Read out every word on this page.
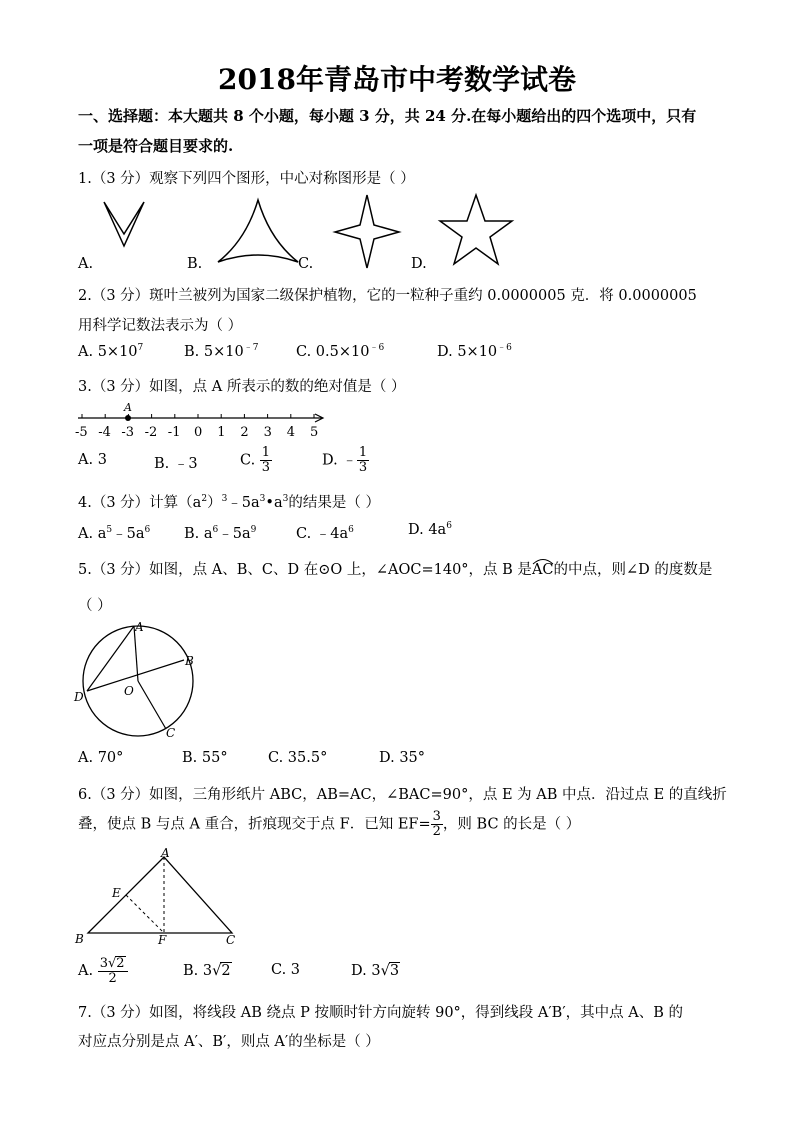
2018年青岛市中考数学试卷
一、选择题：本大题共 8 个小题，每小题 3 分，共 24 分.在每小题给出的四个选项中，只有
一项是符合题目要求的.
1.（3 分）观察下列四个图形，中心对称图形是（ ）
A.	B.	C.	D.
2.（3 分）斑叶兰被列为国家二级保护植物，它的一粒种子重约 0.0000005 克．将 0.0000005
用科学记数法表示为（ ）
A. $5\times 10^7$	B. $5\times 10^{﹣7}$	C. $0.5\times 10^{﹣6}$	D. $5\times 10^{﹣6}$
3.（3 分）如图，点 A 所表示的数的绝对值是（ ）
-5 -4 -3 -2 -1 0 1 2 3 4 5
A
A. 3	B. ﹣3	C. $\frac{1}{3}$	D. ﹣ $\frac{1}{3}$
4.（3 分）计算$(a^2)^3﹣5a^3•a^3$的结果是（ ）
A. $a^5﹣5a^6$ B. $a^6﹣5a^9$	C. $﹣4a^6$	D. $4a^6$
5.（3 分）如图，点 A、B、C、D 在⊙O 上，∠AOC=140°，点 B 是
AC的中点，则∠D 的度数是
（ ）
A
B
C
D	O
A. 70°	B. 55°	C. 35.5°	D. 35°
6.（3 分）如图，三角形纸片 ABC，AB=AC，∠BAC=90°，点 E 为 AB 中点．沿过点 E 的直线折
叠，使点 B 与点 A 重合，折痕现交于点 F．已知 $EF= \frac{3}{2}$ ，则 BC 的长是（ ）
A
B	C
E
F
A. $\frac{3√2}{2}$	B. 3√2	C. 3	D. 3√3
7.（3 分）如图，将线段 AB 绕点 P 按顺时针方向旋转 90°，得到线段 A′B′，其中点 A、B 的
对应点分别是点 A′、B′，则点 A′的坐标是（ ）
